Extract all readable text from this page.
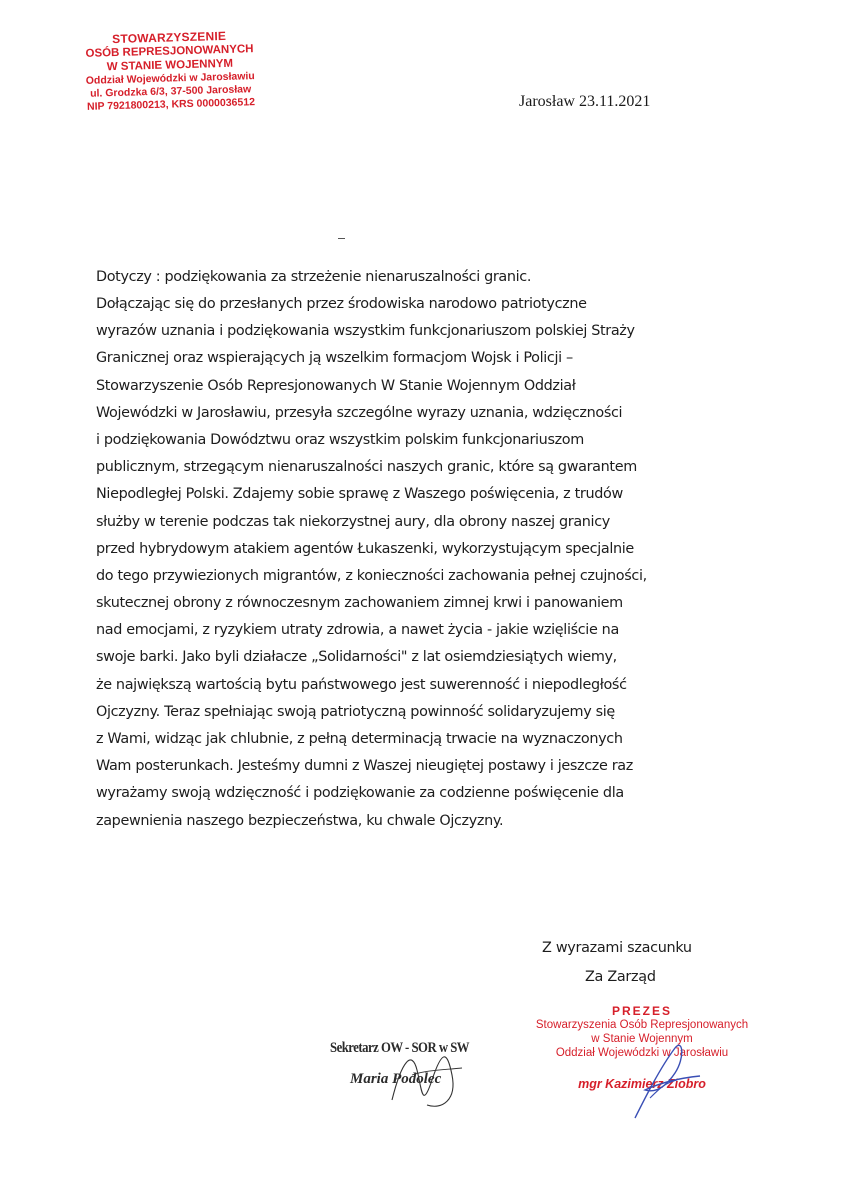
STOWARZYSZENIE
OSÓB REPRESJONOWANYCH
W STANIE WOJENNYM
Oddział Wojewódzki w Jarosławiu
ul. Grodzka 6/3, 37-500 Jarosław
NIP 7921800213, KRS 0000036512	Jarosław 23.11.2021
Dotyczy : podziękowania za strzeżenie nienaruszalności granic.
Dołączając się do przesłanych przez środowiska narodowo patriotyczne
wyrazów uznania i podziękowania wszystkim funkcjonariuszom polskiej Straży
Granicznej oraz wspierających ją wszelkim formacjom Wojsk i Policji –
Stowarzyszenie Osób Represjonowanych W Stanie Wojennym Oddział
Wojewódzki w Jarosławiu, przesyła szczególne wyrazy uznania, wdzięczności
i podziękowania Dowództwu oraz wszystkim polskim funkcjonariuszom
publicznym, strzegącym nienaruszalności naszych granic, które są gwarantem
Niepodległej Polski. Zdajemy sobie sprawę z Waszego poświęcenia, z trudów
służby w terenie podczas tak niekorzystnej aury, dla obrony naszej granicy
przed hybrydowym atakiem agentów Łukaszenki, wykorzystującym specjalnie
do tego przywiezionych migrantów, z konieczności zachowania pełnej czujności,
skutecznej obrony z równoczesnym zachowaniem zimnej krwi i panowaniem
nad emocjami, z ryzykiem utraty zdrowia, a nawet życia - jakie wzięliście na
swoje barki. Jako byli działacze „Solidarności" z lat osiemdziesiątych wiemy,
że największą wartością bytu państwowego jest suwerenność i niepodległość
Ojczyzny. Teraz spełniając swoją patriotyczną powinność solidaryzujemy się
z Wami, widząc jak chlubnie, z pełną determinacją trwacie na wyznaczonych
Wam posterunkach. Jesteśmy dumni z Waszej nieugiętej postawy i jeszcze raz
wyrażamy swoją wdzięczność i podziękowanie za codzienne poświęcenie dla
zapewnienia naszego bezpieczeństwa, ku chwale Ojczyzny.
Z wyrazami szacunku
Za Zarząd
Sekretarz OW - SOR w SW
Maria Podolec
PREZES
Stowarzyszenia Osób Represjonowanych
w Stanie Wojennym
Oddział Wojewódzki w Jarosławiu
mgr Kazimierz Ziobro
